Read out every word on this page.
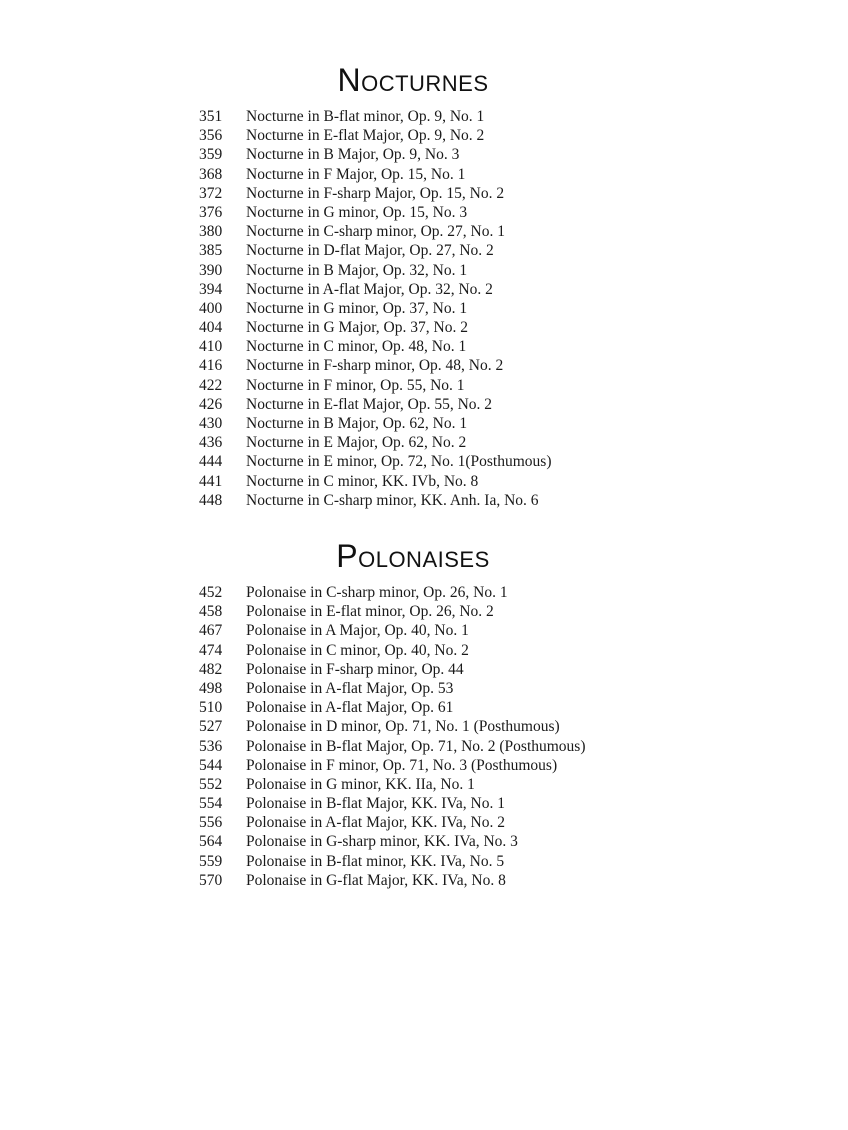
Nocturnes
351	Nocturne in B-flat minor, Op. 9, No. 1
356	Nocturne in E-flat Major, Op. 9, No. 2
359	Nocturne in B Major, Op. 9, No. 3
368	Nocturne in F Major, Op. 15, No. 1
372	Nocturne in F-sharp Major, Op. 15, No. 2
376	Nocturne in G minor, Op. 15, No. 3
380	Nocturne in C-sharp minor, Op. 27, No. 1
385	Nocturne in D-flat Major, Op. 27, No. 2
390	Nocturne in B Major, Op. 32, No. 1
394	Nocturne in A-flat Major, Op. 32, No. 2
400	Nocturne in G minor, Op. 37, No. 1
404	Nocturne in G Major, Op. 37, No. 2
410	Nocturne in C minor, Op. 48, No. 1
416	Nocturne in F-sharp minor, Op. 48, No. 2
422	Nocturne in F minor, Op. 55, No. 1
426	Nocturne in E-flat Major, Op. 55, No. 2
430	Nocturne in B Major, Op. 62, No. 1
436	Nocturne in E Major, Op. 62, No. 2
444	Nocturne in E minor, Op. 72, No. 1(Posthumous)
441	Nocturne in C minor, KK. IVb, No. 8
448	Nocturne in C-sharp minor, KK. Anh. Ia, No. 6
Polonaises
452	Polonaise in C-sharp minor, Op. 26, No. 1
458	Polonaise in E-flat minor, Op. 26, No. 2
467	Polonaise in A Major, Op. 40, No. 1
474	Polonaise in C minor, Op. 40, No. 2
482	Polonaise in F-sharp minor, Op. 44
498	Polonaise in A-flat Major, Op. 53
510	Polonaise in A-flat Major, Op. 61
527	Polonaise in D minor, Op. 71, No. 1 (Posthumous)
536	Polonaise in B-flat Major, Op. 71, No. 2 (Posthumous)
544	Polonaise in F minor, Op. 71, No. 3 (Posthumous)
552	Polonaise in G minor, KK. IIa, No. 1
554	Polonaise in B-flat Major, KK. IVa, No. 1
556	Polonaise in A-flat Major, KK. IVa, No. 2
564	Polonaise in G-sharp minor, KK. IVa, No. 3
559	Polonaise in B-flat minor, KK. IVa, No. 5
570	Polonaise in G-flat Major, KK. IVa, No. 8
